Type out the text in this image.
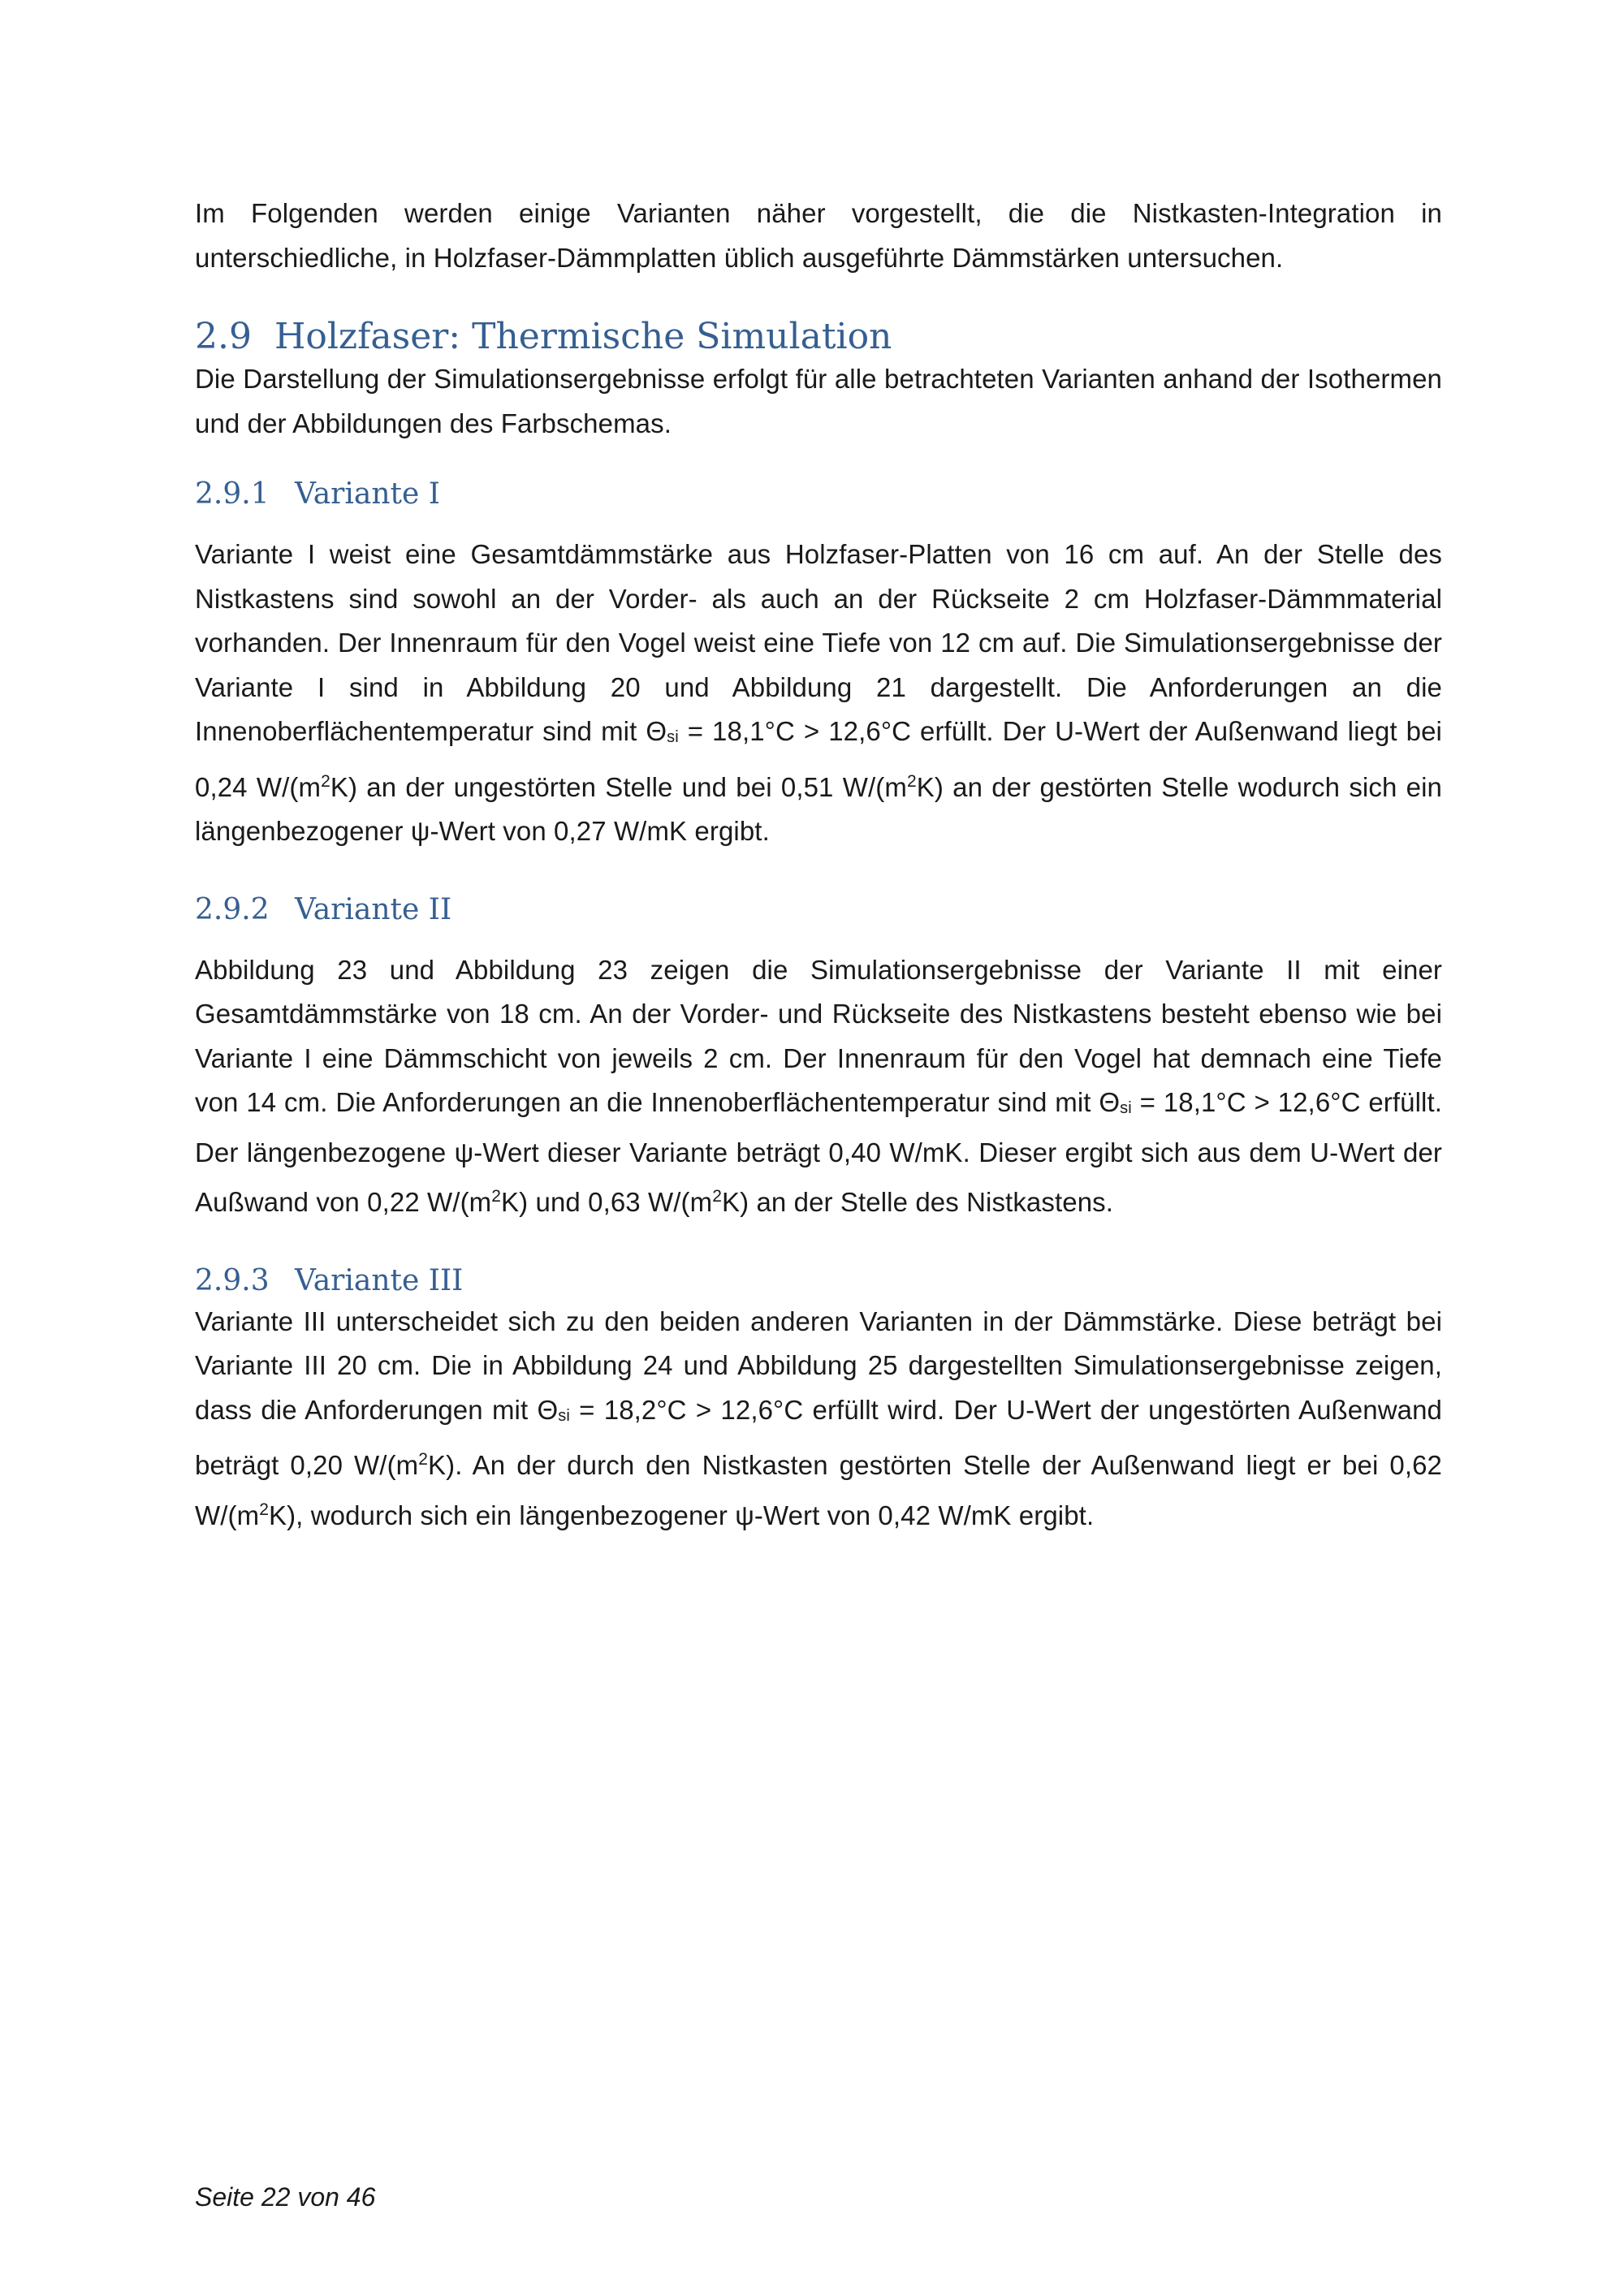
Im Folgenden werden einige Varianten näher vorgestellt, die die Nistkasten-Integration in unterschiedliche, in Holzfaser-Dämmplatten üblich ausgeführte Dämmstärken untersuchen.

2.9 Holzfaser: Thermische Simulation

Die Darstellung der Simulationsergebnisse erfolgt für alle betrachteten Varianten anhand der Isothermen und der Abbildungen des Farbschemas.

2.9.1 Variante I

Variante I weist eine Gesamtdämmstärke aus Holzfaser-Platten von 16 cm auf. An der Stelle des Nistkastens sind sowohl an der Vorder- als auch an der Rückseite 2 cm Holzfaser-Dämmmaterial vorhanden. Der Innenraum für den Vogel weist eine Tiefe von 12 cm auf. Die Simulationsergebnisse der Variante I sind in Abbildung 20 und Abbildung 21 dargestellt. Die Anforderungen an die Innenoberflächentemperatur sind mit $\Theta_{si} = 18,1^\circ C > 12,6^\circ C$ erfüllt. Der U-Wert der Außenwand liegt bei 0,24 $W/(m^2K)$ an der ungestörten Stelle und bei 0,51 $W/(m^2K)$ an der gestörten Stelle wodurch sich ein längenbezogener ψ-Wert von 0,27 W/mK ergibt.

2.9.2 Variante II

Abbildung 23 und Abbildung 23 zeigen die Simulationsergebnisse der Variante II mit einer Gesamtdämmstärke von 18 cm. An der Vorder- und Rückseite des Nistkastens besteht ebenso wie bei Variante I eine Dämmschicht von jeweils 2 cm. Der Innenraum für den Vogel hat demnach eine Tiefe von 14 cm. Die Anforderungen an die Innenoberflächentemperatur sind mit $\Theta_{si} = 18,1^\circ C > 12,6^\circ C$ erfüllt. Der längenbezogene ψ-Wert dieser Variante beträgt 0,40 W/mK. Dieser ergibt sich aus dem U-Wert der Außwand von 0,22 $W/(m^2K)$ und 0,63 $W/(m^2K)$ an der Stelle des Nistkastens.

2.9.3 Variante III

Variante III unterscheidet sich zu den beiden anderen Varianten in der Dämmstärke. Diese beträgt bei Variante III 20 cm. Die in Abbildung 24 und Abbildung 25 dargestellten Simulationsergebnisse zeigen, dass die Anforderungen mit $\Theta_{si} = 18,2^\circ C > 12,6^\circ C$ erfüllt wird. Der U-Wert der ungestörten Außenwand beträgt 0,20 $W/(m^2K)$. An der durch den Nistkasten gestörten Stelle der Außenwand liegt er bei 0,62 $W/(m^2K)$, wodurch sich ein längenbezogener ψ-Wert von 0,42 W/mK ergibt.

Seite 22 von 46
